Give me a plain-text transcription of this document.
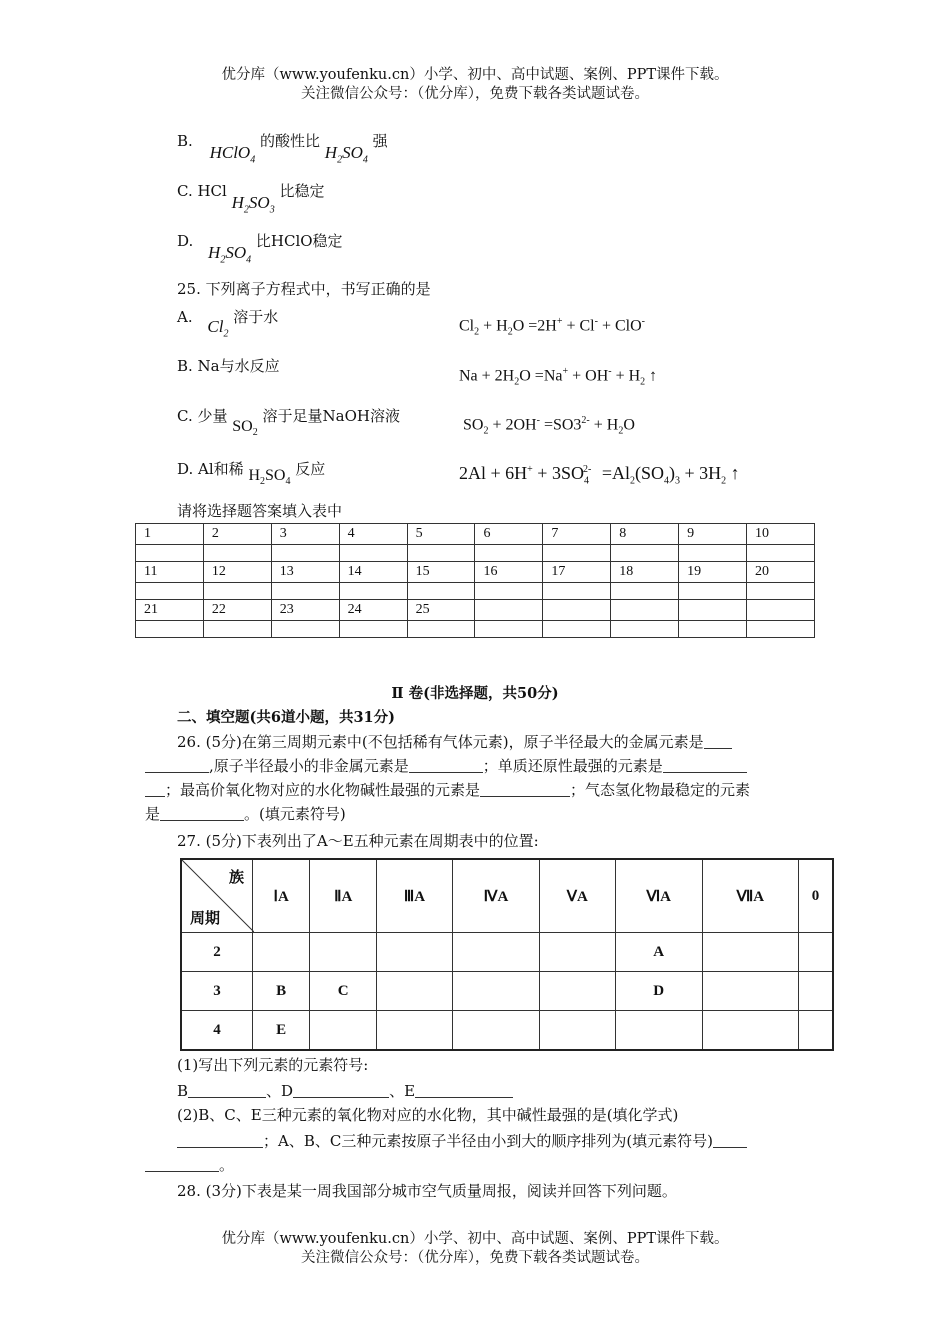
优分库（www.youfenku.cn）小学、初中、高中试题、案例、PPT课件下载。
关注微信公众号：（优分库），免费下载各类试题试卷。
B. HClO$_4$ 的酸性比 $H_2SO_4$ 强
C. HCl $H_2SO_3$ 比稳定
D. $H_2SO_4$ 比HClO稳定
25. 下列离子方程式中，书写正确的是
A. $Cl_2$ 溶于水	$Cl_2 + H_2O =2H^+ + Cl^- + ClO^-$
B. Na与水反应
$Na + 2H_2O =Na^+ + OH^- + H_2$ ↑
C. 少量 $SO_2$ 溶于足量NaOH溶液	$SO_2 + 2OH^- =SO3^{2-} + H_2O$
D. Al和稀 $H_2SO_4$ 反应	$2Al + 6H^+ + 3SO_4^{2-} =Al_2(SO_4)_3 + 3H_2$ ↑
请将选择题答案填入表中
1	2	3	4	5	6	7	8	9	10

11	12	13	14	15	16	17	18	19	20

21	22	23	24	25					

Ⅱ 卷(非选择题，共50分)
二、填空题(共6道小题，共31分)
26. (5分)在第三周期元素中(不包括稀有气体元素)，原子半径最大的金属元素是
,原子半径最小的非金属元素是	；单质还原性最强的元素是
；最高价氧化物对应的水化物碱性最强的元素是	；气态氢化物最稳定的元素
是	。(填元素符号)
27. (5分)下表列出了A～E五种元素在周期表中的位置:
族
周期	ⅠA	ⅡA	ⅢA	ⅣA	ⅤA	ⅥA	ⅦA	0
2						A		
3	B	C				D		
4	E							
(1)写出下列元素的元素符号:
B	、D	、E
(2)B、C、E三种元素的氧化物对应的水化物，其中碱性最强的是(填化学式)
；A、B、C三种元素按原子半径由小到大的顺序排列为(填元素符号)
。
28. (3分)下表是某一周我国部分城市空气质量周报，阅读并回答下列问题。
优分库（www.youfenku.cn）小学、初中、高中试题、案例、PPT课件下载。
关注微信公众号：（优分库），免费下载各类试题试卷。
